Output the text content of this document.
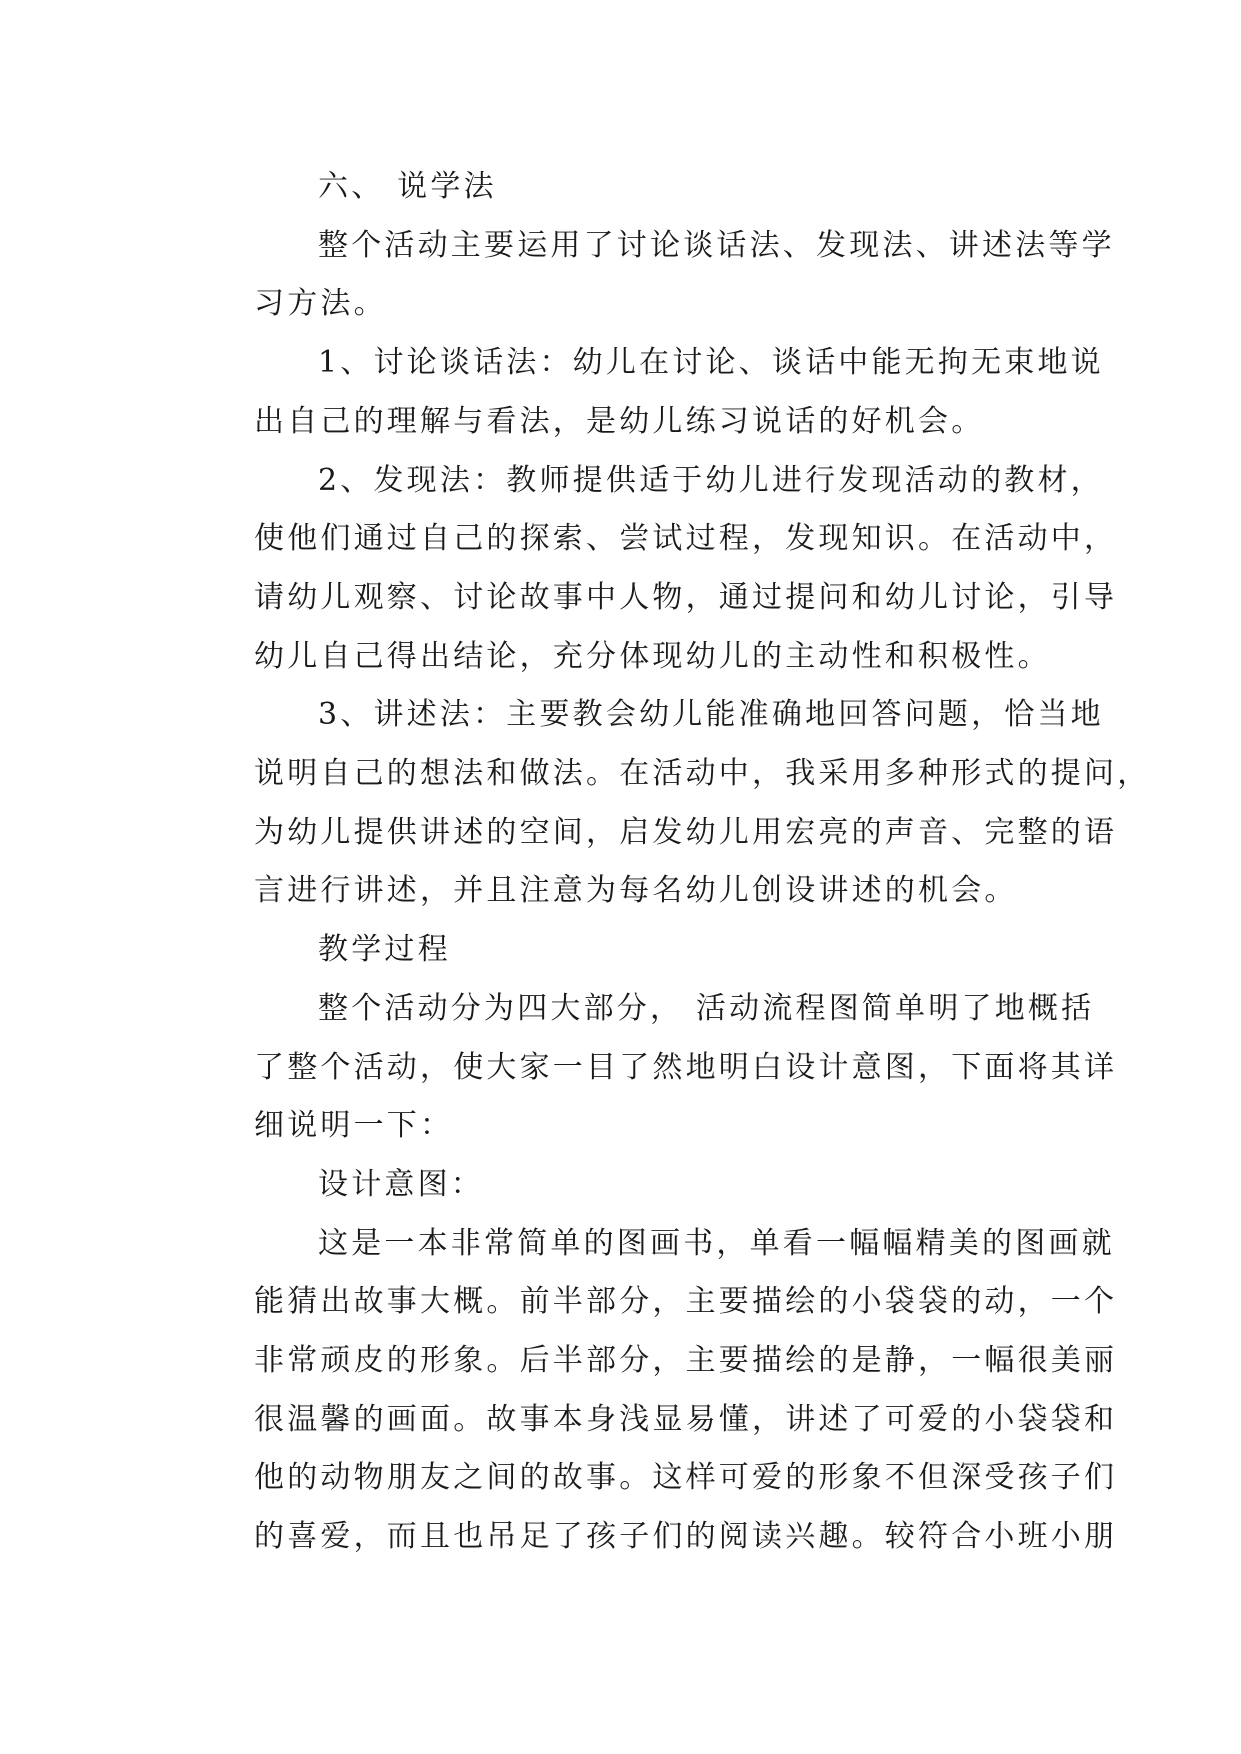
六、 说学法
整个活动主要运用了讨论谈话法、发现法、讲述法等学
习方法。
1、讨论谈话法：幼儿在讨论、谈话中能无拘无束地说
出自己的理解与看法，是幼儿练习说话的好机会。
2、发现法：教师提供适于幼儿进行发现活动的教材，
使他们通过自己的探索、尝试过程，发现知识。在活动中，
请幼儿观察、讨论故事中人物，通过提问和幼儿讨论，引导
幼儿自己得出结论，充分体现幼儿的主动性和积极性。
3、讲述法：主要教会幼儿能准确地回答问题，恰当地
说明自己的想法和做法。在活动中，我采用多种形式的提问，
为幼儿提供讲述的空间，启发幼儿用宏亮的声音、完整的语
言进行讲述，并且注意为每名幼儿创设讲述的机会。
教学过程
整个活动分为四大部分， 活动流程图简单明了地概括
了整个活动，使大家一目了然地明白设计意图，下面将其详
细说明一下：
设计意图：
这是一本非常简单的图画书，单看一幅幅精美的图画就
能猜出故事大概。前半部分，主要描绘的小袋袋的动，一个
非常顽皮的形象。后半部分，主要描绘的是静，一幅很美丽
很温馨的画面。故事本身浅显易懂，讲述了可爱的小袋袋和
他的动物朋友之间的故事。这样可爱的形象不但深受孩子们
的喜爱，而且也吊足了孩子们的阅读兴趣。较符合小班小朋
